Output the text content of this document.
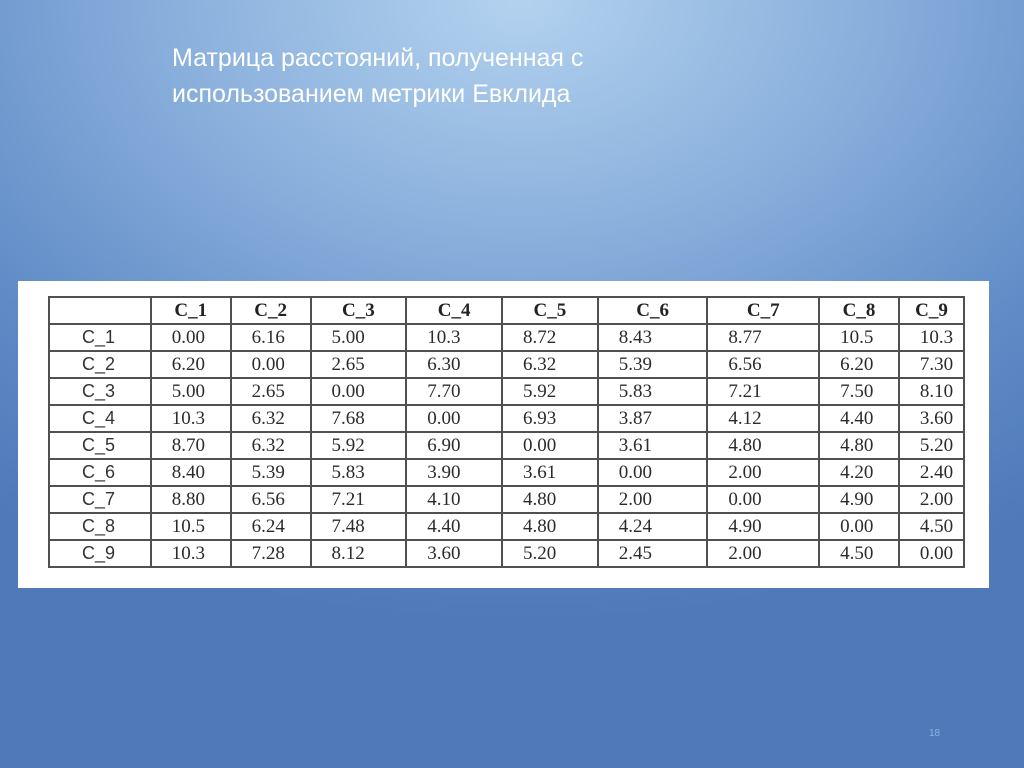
Матрица расстояний, полученная с
использованием метрики Евклида
	C_1	C_2	C_3	C_4	C_5	C_6	C_7	C_8	C_9
C_1	0.00	6.16	5.00	10.3	8.72	8.43	8.77	10.5	10.3
C_2	6.20	0.00	2.65	6.30	6.32	5.39	6.56	6.20	7.30
C_3	5.00	2.65	0.00	7.70	5.92	5.83	7.21	7.50	8.10
C_4	10.3	6.32	7.68	0.00	6.93	3.87	4.12	4.40	3.60
C_5	8.70	6.32	5.92	6.90	0.00	3.61	4.80	4.80	5.20
C_6	8.40	5.39	5.83	3.90	3.61	0.00	2.00	4.20	2.40
C_7	8.80	6.56	7.21	4.10	4.80	2.00	0.00	4.90	2.00
C_8	10.5	6.24	7.48	4.40	4.80	4.24	4.90	0.00	4.50
C_9	10.3	7.28	8.12	3.60	5.20	2.45	2.00	4.50	0.00
18
